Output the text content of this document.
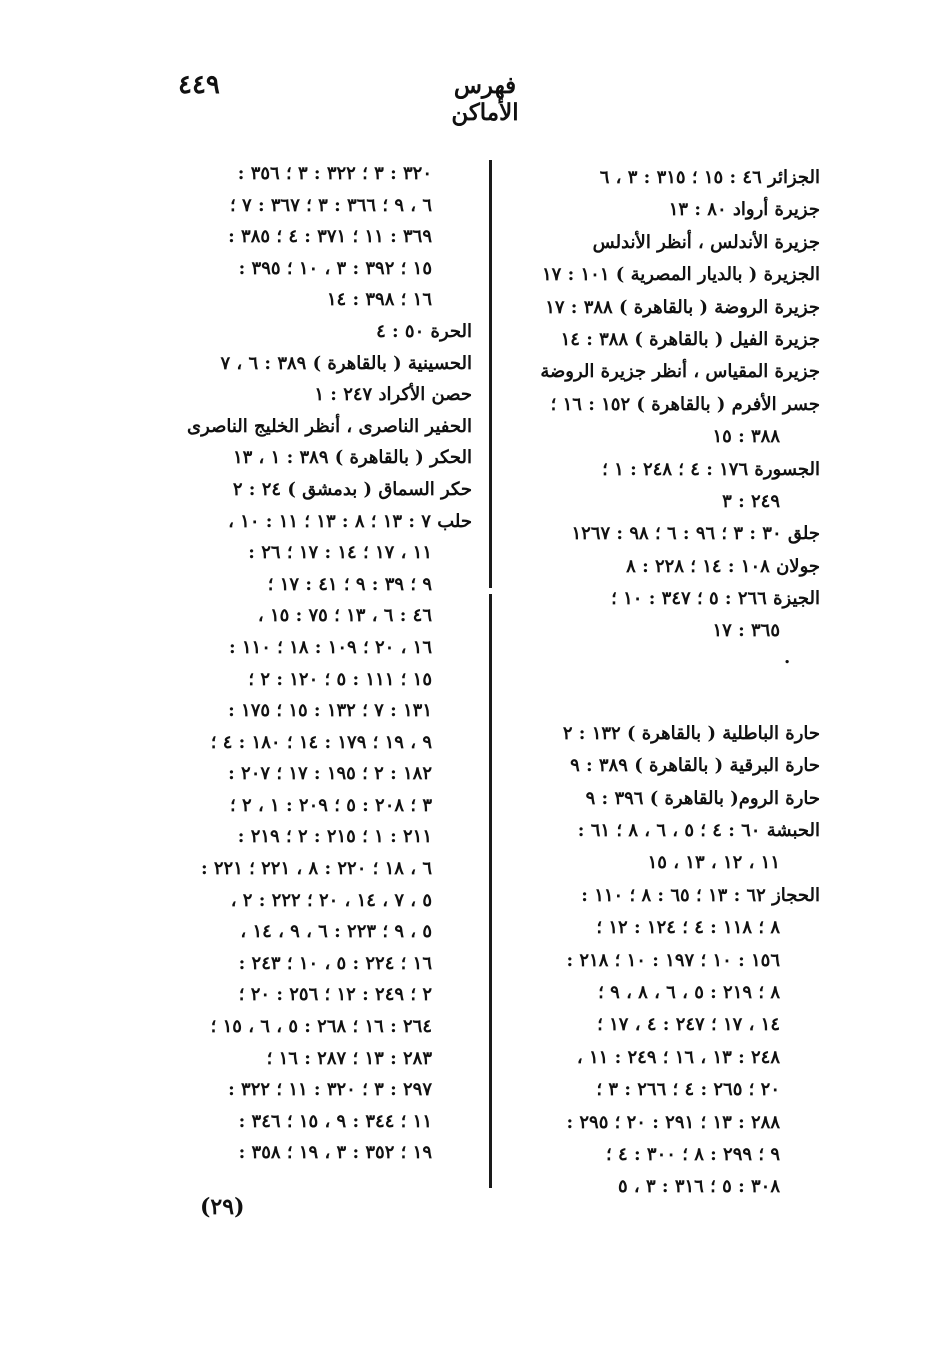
٤٤٩	فهرس الأماكن
الجزائر ٤٦ : ١٥ ؛ ٣١٥ : ٣ ، ٦
جزيرة أرواد ٨٠ : ١٣
جزيرة الأندلس ، أنظر الأندلس
الجزيرة ( بالديار المصرية ) ١٠١ : ١٧
جزيرة الروضة ( بالقاهرة ) ٣٨٨ : ١٧
جزيرة الفيل ( بالقاهرة ) ٣٨٨ : ١٤
جزيرة المقياس ، أنظر جزيرة الروضة
جسر الأفرم ( بالقاهرة ) ١٥٢ : ١٦ ؛
٣٨٨ : ١٥
الجسورة ١٧٦ : ٤ ؛ ٢٤٨ : ١ ؛
٢٤٩ : ٣
جلق ٣٠ : ٣ ؛ ٩٦ : ٦ ؛ ٩٨ : ١٢٦٧
جولان ١٠٨ : ١٤ ؛ ٢٢٨ : ٨
الجيزة ٢٦٦ : ٥ ؛ ٣٤٧ : ١٠ ؛
٣٦٥ : ١٧
.
حارة الباطلية ( بالقاهرة ) ١٣٢ : ٢
حارة البرقية ( بالقاهرة ) ٣٨٩ : ٩
حارة الروم( بالقاهرة ) ٣٩٦ : ٩
الحبشة ٦٠ : ٤ ؛ ٥ ، ٦ ، ٨ ؛ ٦١ :
١١ ، ١٢ ، ١٣ ، ١٥
الحجاز ٦٢ : ١٣ ؛ ٦٥ : ٨ ؛ ١١٠ :
٨ ؛ ١١٨ : ٤ ؛ ١٢٤ : ١٢ ؛
١٥٦ : ١٠ ؛ ١٩٧ : ١٠ ؛ ٢١٨ :
٨ ؛ ٢١٩ : ٥ ، ٦ ، ٨ ، ٩ ؛
١٤ ، ١٧ ؛ ٢٤٧ : ٤ ، ١٧ ؛
٢٤٨ : ١٣ ، ١٦ ؛ ٢٤٩ : ١١ ،
٢٠ ؛ ٢٦٥ : ٤ ؛ ٢٦٦ : ٣ ؛
٢٨٨ : ١٣ ؛ ٢٩١ : ٢٠ ؛ ٢٩٥ :
٩ ؛ ٢٩٩ : ٨ ؛ ٣٠٠ : ٤ ؛
٣٠٨ : ٥ ؛ ٣١٦ : ٣ ، ٥
٣٢٠ : ٣ ؛ ٣٢٢ : ٣ ؛ ٣٥٦ :
٦ ، ٩ ؛ ٣٦٦ : ٣ ؛ ٣٦٧ : ٧ ؛
٣٦٩ : ١١ ؛ ٣٧١ : ٤ ؛ ٣٨٥ :
١٥ ؛ ٣٩٢ : ٣ ، ١٠ ؛ ٣٩٥ :
١٦ ؛ ٣٩٨ : ١٤
الحرة ٥٠ : ٤
الحسينية ( بالقاهرة ) ٣٨٩ : ٦ ، ٧
حصن الأكراد ٢٤٧ : ١
الحفير الناصرى ، أنظر الخليج الناصرى
الحكر ( بالقاهرة ) ٣٨٩ : ١ ، ١٣
حكر السماق ( بدمشق ) ٢٤ : ٢
حلب ٧ : ١٣ ؛ ٨ : ١٣ ؛ ١١ : ١٠ ،
١١ ، ١٧ ؛ ١٤ : ١٧ ؛ ٢٦ :
٩ ؛ ٣٩ : ٩ ؛ ٤١ : ١٧ ؛
٤٦ : ٦ ، ١٣ ؛ ٧٥ : ١٥ ،
١٦ ، ٢٠ ؛ ١٠٩ : ١٨ ؛ ١١٠ :
١٥ ؛ ١١١ : ٥ ؛ ١٢٠ : ٢ ؛
١٣١ : ٧ ؛ ١٣٢ : ١٥ ؛ ١٧٥ :
٩ ، ١٩ ؛ ١٧٩ : ١٤ ؛ ١٨٠ : ٤ ؛
١٨٢ : ٢ ؛ ١٩٥ : ١٧ ؛ ٢٠٧ :
٣ ؛ ٢٠٨ : ٥ ؛ ٢٠٩ : ١ ، ٢ ؛
٢١١ : ١ ؛ ٢١٥ : ٢ ؛ ٢١٩ :
٦ ، ١٨ ؛ ٢٢٠ : ٨ ، ٢٢١ ؛ ٢٢١ :
٥ ، ٧ ، ١٤ ، ٢٠ ؛ ٢٢٢ : ٢ ،
٥ ، ٩ ؛ ٢٢٣ : ٦ ، ٩ ، ١٤ ،
١٦ ؛ ٢٢٤ : ٥ ، ١٠ ؛ ٢٤٣ :
٢ ؛ ٢٤٩ : ١٢ ؛ ٢٥٦ : ٢٠ ؛
٢٦٤ : ١٦ ؛ ٢٦٨ : ٥ ، ٦ ، ١٥ ؛
٢٨٣ : ١٣ ؛ ٢٨٧ : ١٦ ؛
٢٩٧ : ٣ ؛ ٣٢٠ : ١١ ؛ ٣٢٢ :
١١ ؛ ٣٤٤ : ٩ ، ١٥ ؛ ٣٤٦ :
١٩ ؛ ٣٥٢ : ٣ ، ١٩ ؛ ٣٥٨ :
(٢٩)
